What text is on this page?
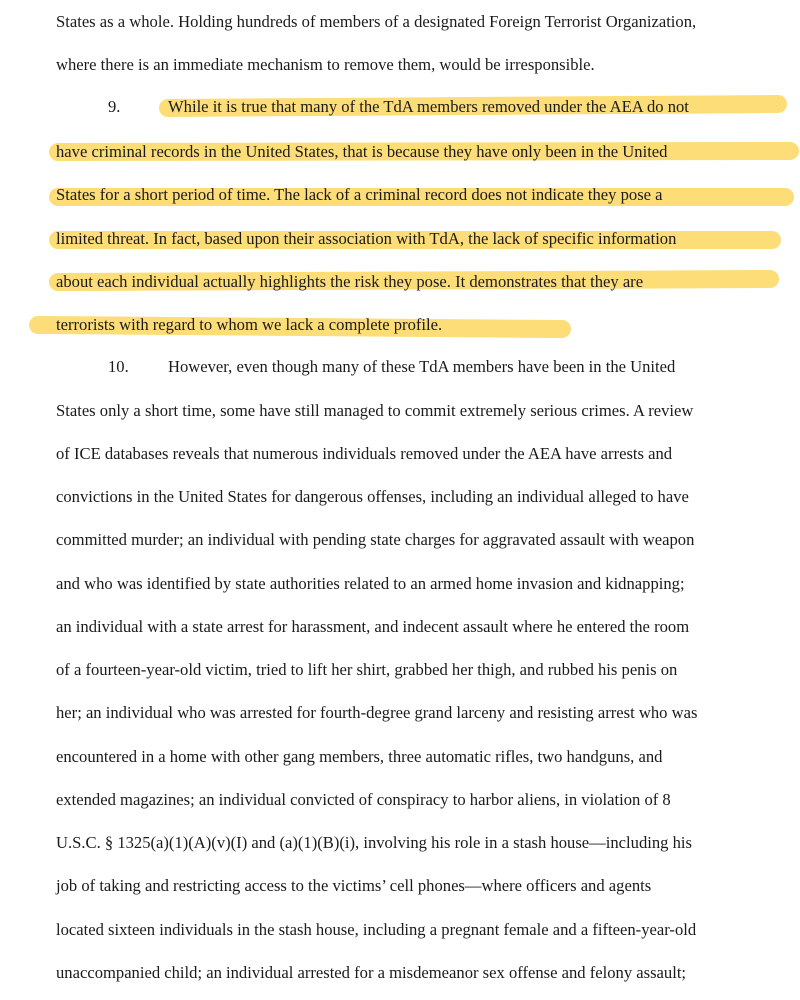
States as a whole. Holding hundreds of members of a designated Foreign Terrorist Organization,
where there is an immediate mechanism to remove them, would be irresponsible.
9.	While it is true that many of the TdA members removed under the AEA do not
have criminal records in the United States, that is because they have only been in the United
States for a short period of time. The lack of a criminal record does not indicate they pose a
limited threat. In fact, based upon their association with TdA, the lack of specific information
about each individual actually highlights the risk they pose. It demonstrates that they are
terrorists with regard to whom we lack a complete profile.
10. However, even though many of these TdA members have been in the United
States only a short time, some have still managed to commit extremely serious crimes. A review
of ICE databases reveals that numerous individuals removed under the AEA have arrests and
convictions in the United States for dangerous offenses, including an individual alleged to have
committed murder; an individual with pending state charges for aggravated assault with weapon
and who was identified by state authorities related to an armed home invasion and kidnapping;
an individual with a state arrest for harassment, and indecent assault where he entered the room
of a fourteen-year-old victim, tried to lift her shirt, grabbed her thigh, and rubbed his penis on
her; an individual who was arrested for fourth-degree grand larceny and resisting arrest who was
encountered in a home with other gang members, three automatic rifles, two handguns, and
extended magazines; an individual convicted of conspiracy to harbor aliens, in violation of 8
U.S.C. § 1325(a)(1)(A)(v)(I) and (a)(1)(B)(i), involving his role in a stash house—including his
job of taking and restricting access to the victims’ cell phones—where officers and agents
located sixteen individuals in the stash house, including a pregnant female and a fifteen-year-old
unaccompanied child; an individual arrested for a misdemeanor sex offense and felony assault;
